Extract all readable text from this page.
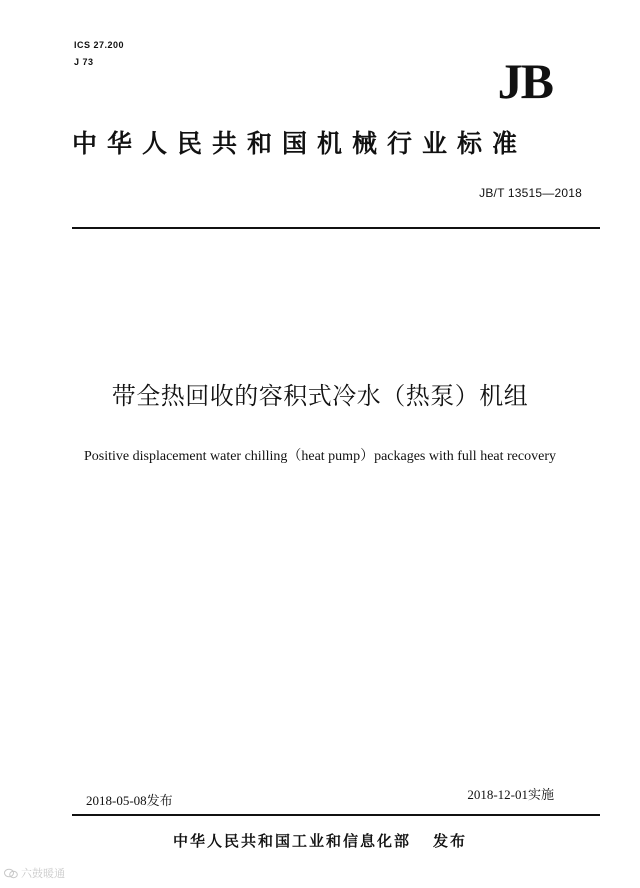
ICS 27.200
J 73	JB
中华人民共和国机械行业标准
JB/T 13515—2018
带全热回收的容积式冷水（热泵）机组
Positive displacement water chilling（heat pump）packages with full heat recovery
2018-05-08发布	2018-12-01实施
中华人民共和国工业和信息化部 发布
六鼓暖通
